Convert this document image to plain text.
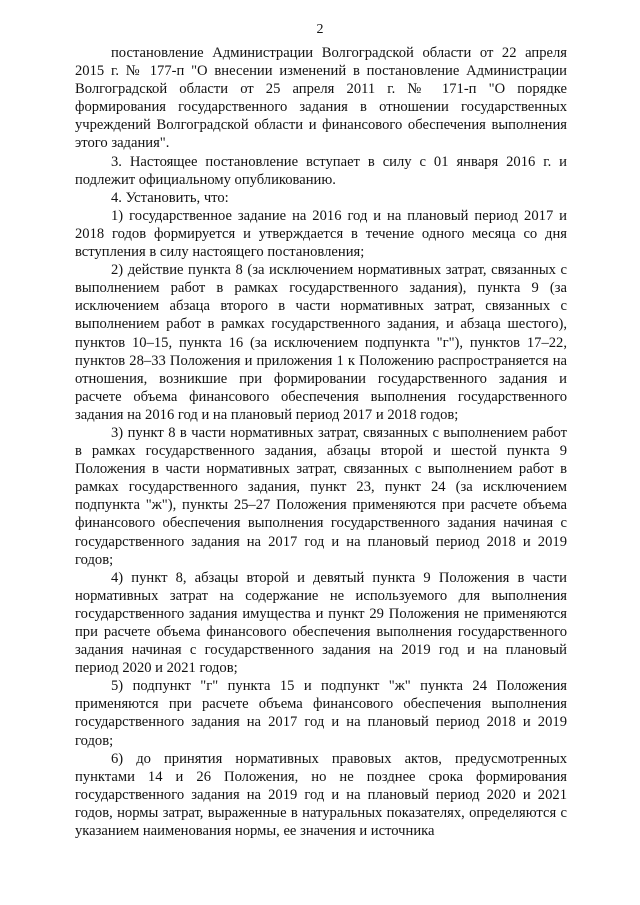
2

постановление Администрации Волгоградской области от 22 апреля 2015 г. № 177-п "О внесении изменений в постановление Администрации Волгоградской области от 25 апреля 2011 г. № 171-п "О порядке формирования государственного задания в отношении государственных учреждений Волгоградской области и финансового обеспечения выполнения этого задания".

3. Настоящее постановление вступает в силу с 01 января 2016 г. и подлежит официальному опубликованию.

4. Установить, что:

1) государственное задание на 2016 год и на плановый период 2017 и 2018 годов формируется и утверждается в течение одного месяца со дня вступления в силу настоящего постановления;

2) действие пункта 8 (за исключением нормативных затрат, связанных с выполнением работ в рамках государственного задания), пункта 9 (за исключением абзаца второго в части нормативных затрат, связанных с выполнением работ в рамках государственного задания, и абзаца шестого), пунктов 10–15, пункта 16 (за исключением подпункта "г"), пунктов 17–22, пунктов 28–33 Положения и приложения 1 к Положению распространяется на отношения, возникшие при формировании государственного задания и расчете объема финансового обеспечения выполнения государственного задания на 2016 год и на плановый период 2017 и 2018 годов;

3) пункт 8 в части нормативных затрат, связанных с выполнением работ в рамках государственного задания, абзацы второй и шестой пункта 9 Положения в части нормативных затрат, связанных с выполнением работ в рамках государственного задания, пункт 23, пункт 24 (за исключением подпункта "ж"), пункты 25–27 Положения применяются при расчете объема финансового обеспечения выполнения государственного задания начиная с государственного задания на 2017 год и на плановый период 2018 и 2019 годов;

4) пункт 8, абзацы второй и девятый пункта 9 Положения в части нормативных затрат на содержание не используемого для выполнения государственного задания имущества и пункт 29 Положения не применяются при расчете объема финансового обеспечения выполнения государственного задания начиная с государственного задания на 2019 год и на плановый период 2020 и 2021 годов;

5) подпункт "г" пункта 15 и подпункт "ж" пункта 24 Положения применяются при расчете объема финансового обеспечения выполнения государственного задания на 2017 год и на плановый период 2018 и 2019 годов;

6) до принятия нормативных правовых актов, предусмотренных пунктами 14 и 26 Положения, но не позднее срока формирования государственного задания на 2019 год и на плановый период 2020 и 2021 годов, нормы затрат, выраженные в натуральных показателях, определяются с указанием наименования нормы, ее значения и источника
